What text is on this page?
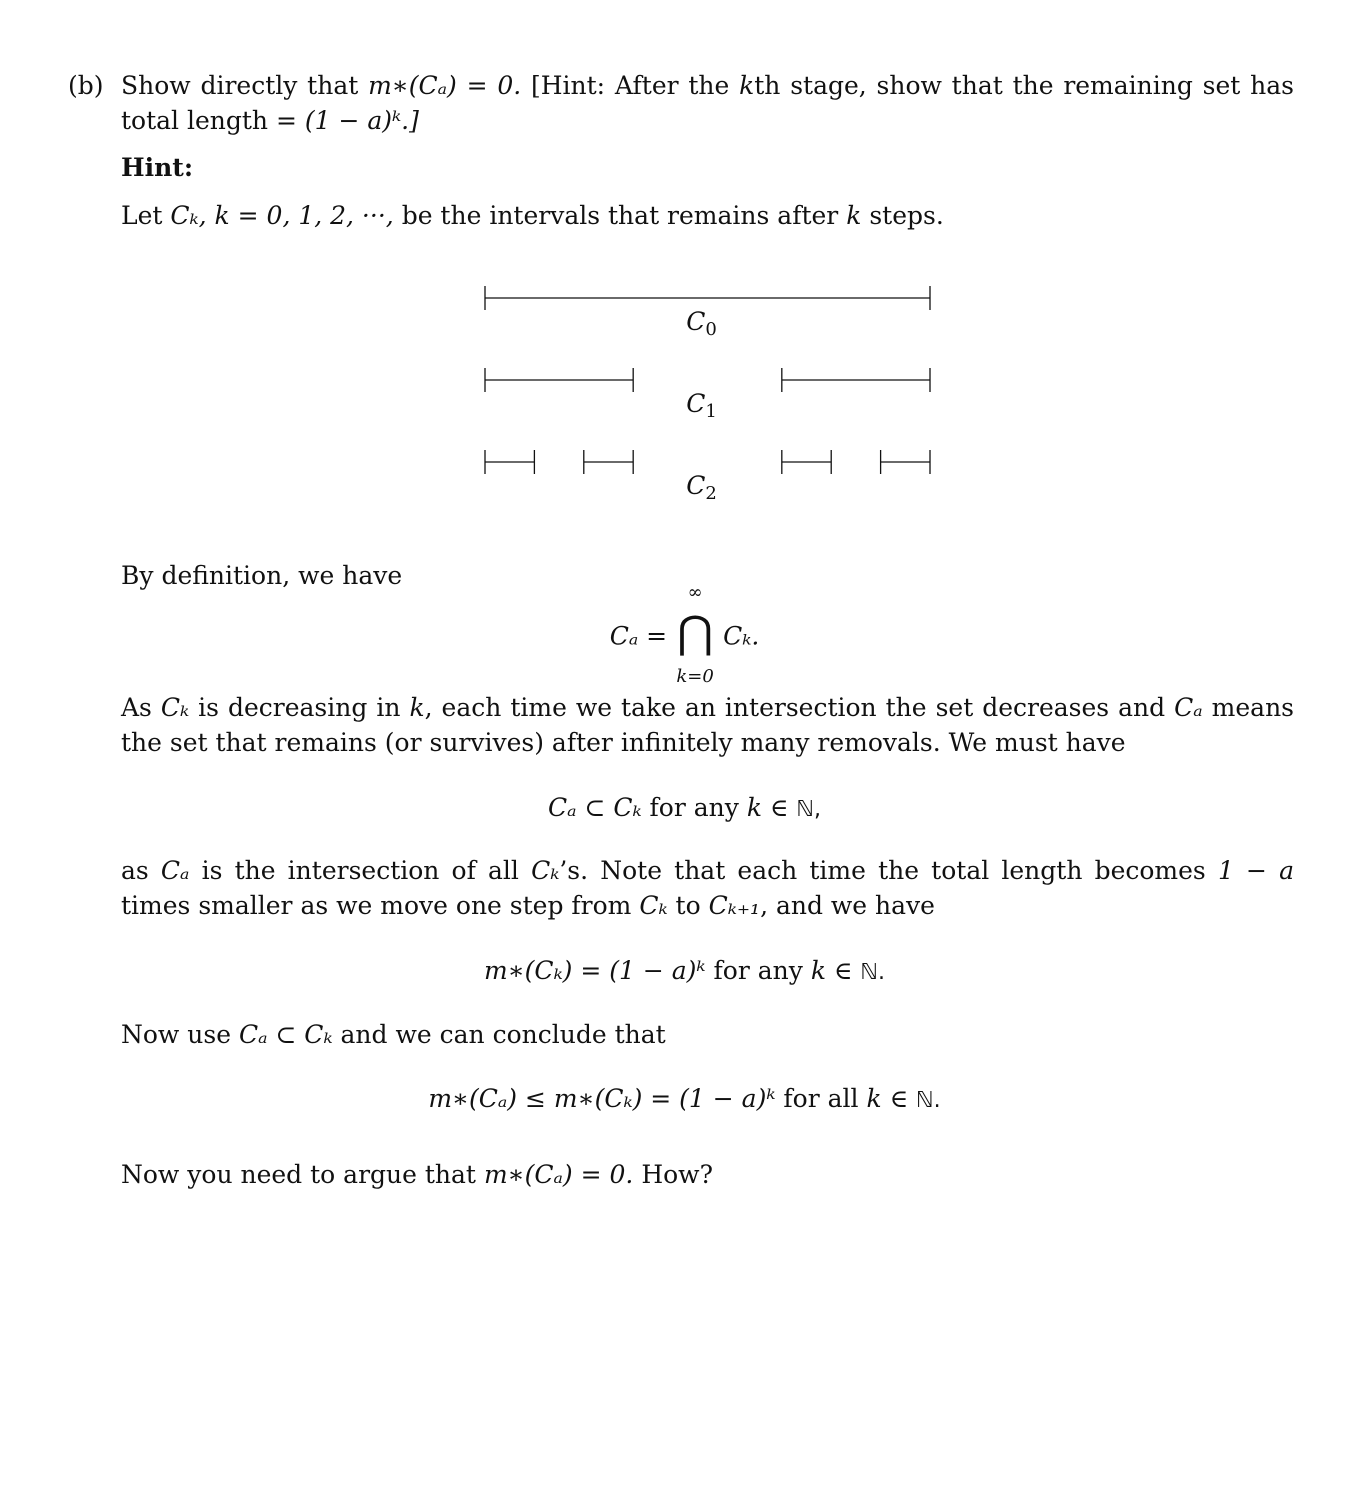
(b) Show directly that m∗(Cₐ) = 0. [Hint: After the kth stage, show that the remaining set has total length = (1 − a)ᵏ.]
Hint:
Let Cₖ, k = 0, 1, 2, ···, be the intervals that remains after k steps.
$C_0$
$C_1$
$C_2$
By definition, we have
Cₐ =
∞
⋂
k=0
Cₖ.
As Cₖ is decreasing in k, each time we take an intersection the set decreases and Cₐ means the set that remains (or survives) after infinitely many removals. We must have
Cₐ ⊂ Cₖ for any k ∈ ℕ,
as Cₐ is the intersection of all Cₖ’s. Note that each time the total length becomes 1 − a times smaller as we move one step from Cₖ to Cₖ₊₁, and we have
m∗(Cₖ) = (1 − a)ᵏ for any k ∈ ℕ.
Now use Cₐ ⊂ Cₖ and we can conclude that
m∗(Cₐ) ≤ m∗(Cₖ) = (1 − a)ᵏ for all k ∈ ℕ.
Now you need to argue that m∗(Cₐ) = 0. How?
